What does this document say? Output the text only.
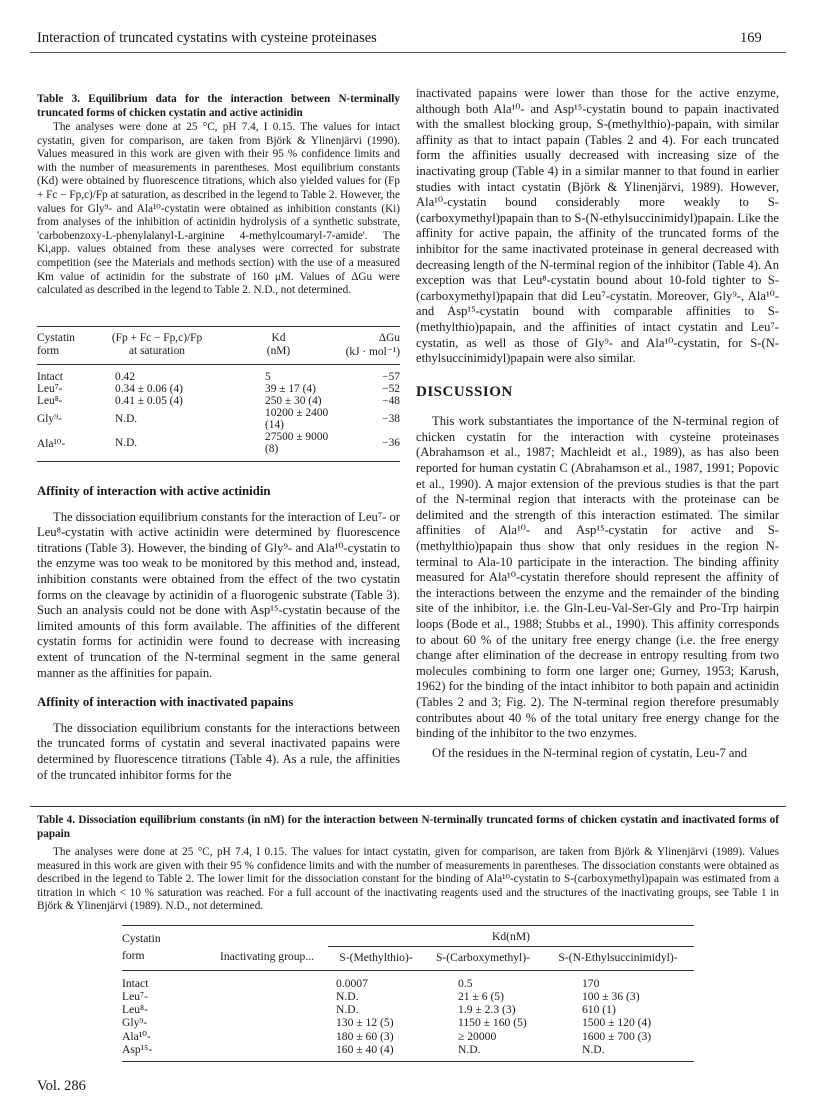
Interaction of truncated cystatins with cysteine proteinases	169
Table 3. Equilibrium data for the interaction between N-terminally truncated forms of chicken cystatin and active actinidin

The analyses were done at 25 °C, pH 7.4, I 0.15. The values for intact cystatin, given for comparison, are taken from Björk & Ylinenjärvi (1990). Values measured in this work are given with their 95 % confidence limits and with the number of measurements in parentheses. Most equilibrium constants (Kd) were obtained by fluorescence titrations, which also yielded values for (Fp + Fc − Fp,c)/Fp at saturation, as described in the legend to Table 2. However, the values for Gly⁹- and Ala¹⁰-cystatin were obtained as inhibition constants (Ki) from analyses of the inhibition of actinidin hydrolysis of a synthetic substrate, 'carbobenzoxy-L-phenylalanyl-L-arginine 4-methylcoumaryl-7-amide'. The Ki,app. values obtained from these analyses were corrected for substrate competition (see the Materials and methods section) with the use of a measured Km value of actinidin for the substrate of 160 μM. Values of ΔGu were calculated as described in the legend to Table 2. N.D., not determined.

Cystatin	(Fp + Fc − Fp,c)/Fp	Kd	ΔGu
form	at saturation	(nM)	(kJ · mol⁻¹)

Intact	0.42	5	−57
Leu⁷-	0.34 ± 0.06 (4)	39 ± 17 (4)	−52
Leu⁸-	0.41 ± 0.05 (4)	250 ± 30 (4)	−48
Gly⁹-	N.D.	10200 ± 2400 (14)	−38
Ala¹⁰-	N.D.	27500 ± 9000 (8)	−36

Affinity of interaction with active actinidin

The dissociation equilibrium constants for the interaction of Leu⁷- or Leu⁸-cystatin with active actinidin were determined by fluorescence titrations (Table 3). However, the binding of Gly⁹- and Ala¹⁰-cystatin to the enzyme was too weak to be monitored by this method and, instead, inhibition constants were obtained from the effect of the two cystatin forms on the cleavage by actinidin of a fluorogenic substrate (Table 3). Such an analysis could not be done with Asp¹⁵-cystatin because of the limited amounts of this form available. The affinities of the different cystatin forms for actinidin were found to decrease with increasing extent of truncation of the N-terminal segment in the same general manner as the affinities for papain.

Affinity of interaction with inactivated papains

The dissociation equilibrium constants for the interactions between the truncated forms of cystatin and several inactivated papains were determined by fluorescence titrations (Table 4). As a rule, the affinities of the truncated inhibitor forms for the

inactivated papains were lower than those for the active enzyme, although both Ala¹⁰- and Asp¹⁵-cystatin bound to papain inactivated with the smallest blocking group, S-(methylthio)-papain, with similar affinity as that to intact papain (Tables 2 and 4). For each truncated form the affinities usually decreased with increasing size of the inactivating group (Table 4) in a similar manner to that found in earlier studies with intact cystatin (Björk & Ylinenjärvi, 1989). However, Ala¹⁰-cystatin bound considerably more weakly to S-(carboxymethyl)papain than to S-(N-ethylsuccinimidyl)papain. Like the affinity for active papain, the affinity of the truncated forms of the inhibitor for the same inactivated proteinase in general decreased with decreasing length of the N-terminal region of the inhibitor (Table 4). An exception was that Leu⁸-cystatin bound about 10-fold tighter to S-(carboxymethyl)papain that did Leu⁷-cystatin. Moreover, Gly⁹-, Ala¹⁰- and Asp¹⁵-cystatin bound with comparable affinities to S-(methylthio)papain, and the affinities of intact cystatin and Leu⁷-cystatin, as well as those of Gly⁹- and Ala¹⁰-cystatin, for S-(N-ethylsuccinimidyl)papain were also similar.

DISCUSSION

This work substantiates the importance of the N-terminal region of chicken cystatin for the interaction with cysteine proteinases (Abrahamson et al., 1987; Machleidt et al., 1989), as has also been reported for human cystatin C (Abrahamson et al., 1987, 1991; Popovic et al., 1990). A major extension of the previous studies is that the part of the N-terminal region that interacts with the proteinase can be delimited and the strength of this interaction estimated. The similar affinities of Ala¹⁰- and Asp¹⁵-cystatin for active and S-(methylthio)papain thus show that only residues in the region N-terminal to Ala-10 participate in the interaction. The binding affinity measured for Ala¹⁰-cystatin therefore should represent the affinity of the interactions between the enzyme and the remainder of the binding site of the inhibitor, i.e. the Gln-Leu-Val-Ser-Gly and Pro-Trp hairpin loops (Bode et al., 1988; Stubbs et al., 1990). This affinity corresponds to about 60 % of the unitary free energy change (i.e. the free energy change after elimination of the decrease in entropy resulting from two molecules combining to form one larger one; Gurney, 1953; Karush, 1962) for the binding of the intact inhibitor to both papain and actinidin (Tables 2 and 3; Fig. 2). The N-terminal region therefore presumably contributes about 40 % of the total unitary free energy change for the binding of the inhibitor to the two enzymes.

Of the residues in the N-terminal region of cystatin, Leu-7 and

Table 4. Dissociation equilibrium constants (in nM) for the interaction between N-terminally truncated forms of chicken cystatin and inactivated forms of papain

The analyses were done at 25 °C, pH 7.4, I 0.15. The values for intact cystatin, given for comparison, are taken from Björk & Ylinenjärvi (1989). Values measured in this work are given with their 95 % confidence limits and with the number of measurements in parentheses. The dissociation constants were obtained as described in the legend to Table 2. The lower limit for the dissociation constant for the binding of Ala¹⁰-cystatin to S-(carboxymethyl)papain was estimated from a titration in which < 10 % saturation was reached. For a full account of the inactivating reagents used and the structures of the inactivating groups, see Table 1 in Björk & Ylinenjärvi (1989). N.D., not determined.

Cystatin		Kd(nM)		
form	Inactivating group...	S-(Methylthio)-	S-(Carboxymethyl)-	S-(N-Ethylsuccinimidyl)-

Intact		0.0007	0.5	170
Leu⁷-		N.D.	21 ± 6 (5)	100 ± 36 (3)
Leu⁸-		N.D.	1.9 ± 2.3 (3)	610 (1)
Gly⁹-		130 ± 12 (5)	1150 ± 160 (5)	1500 ± 120 (4)
Ala¹⁰-		180 ± 60 (3)	≥ 20000	1600 ± 700 (3)
Asp¹⁵-		160 ± 40 (4)	N.D.	N.D.
Vol. 286
